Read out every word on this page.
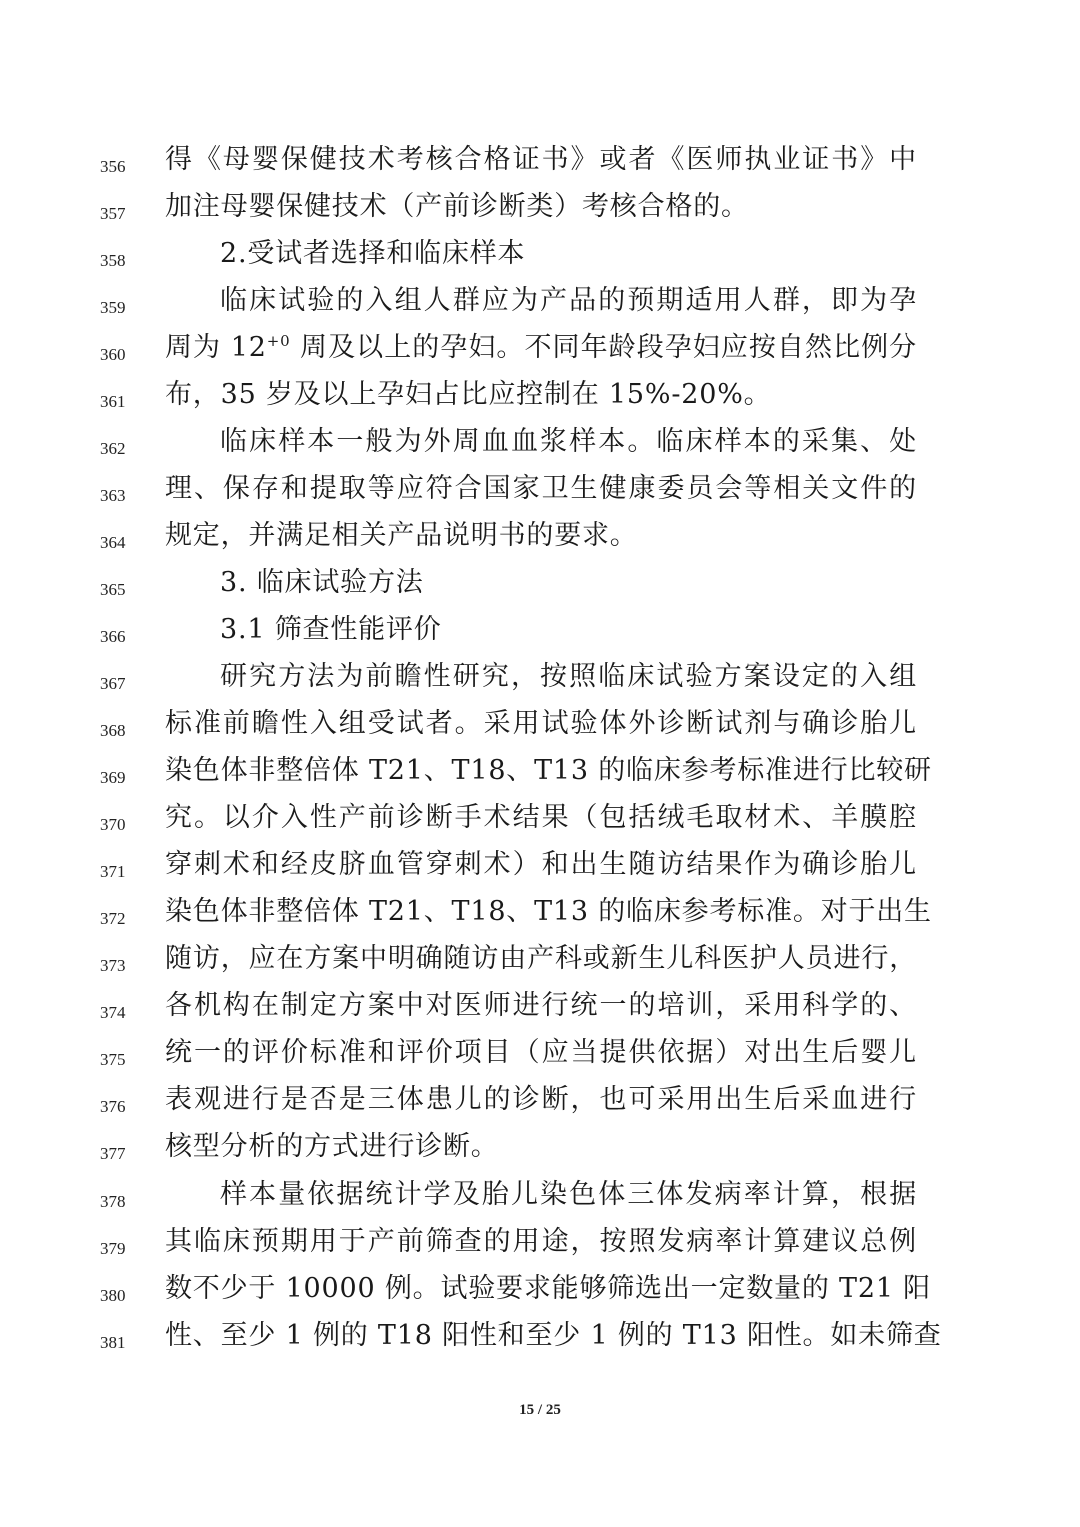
356	得《母婴保健技术考核合格证书》或者《医师执业证书》中
357	加注母婴保健技术（产前诊断类）考核合格的。
358	2.受试者选择和临床样本
359	临床试验的入组人群应为产品的预期适用人群，即为孕
360	周为 $12^{+0}$ 周及以上的孕妇。不同年龄段孕妇应按自然比例分
361	布，35 岁及以上孕妇占比应控制在 15%-20%。
362	临床样本一般为外周血血浆样本。临床样本的采集、处
363	理、保存和提取等应符合国家卫生健康委员会等相关文件的
364	规定，并满足相关产品说明书的要求。
365	3. 临床试验方法
366	3.1 筛查性能评价
367	研究方法为前瞻性研究，按照临床试验方案设定的入组
368	标准前瞻性入组受试者。采用试验体外诊断试剂与确诊胎儿
369	染色体非整倍体 T21、T18、T13 的临床参考标准进行比较研
370	究。以介入性产前诊断手术结果（包括绒毛取材术、羊膜腔
371	穿刺术和经皮脐血管穿刺术）和出生随访结果作为确诊胎儿
372	染色体非整倍体 T21、T18、T13 的临床参考标准。对于出生
373	随访，应在方案中明确随访由产科或新生儿科医护人员进行，
374	各机构在制定方案中对医师进行统一的培训，采用科学的、
375	统一的评价标准和评价项目（应当提供依据）对出生后婴儿
376	表观进行是否是三体患儿的诊断，也可采用出生后采血进行
377	核型分析的方式进行诊断。
378	样本量依据统计学及胎儿染色体三体发病率计算，根据
379	其临床预期用于产前筛查的用途，按照发病率计算建议总例
380	数不少于 10000 例。试验要求能够筛选出一定数量的 T21 阳
381	性、至少 1 例的 T18 阳性和至少 1 例的 T13 阳性。如未筛查
15 / 25
